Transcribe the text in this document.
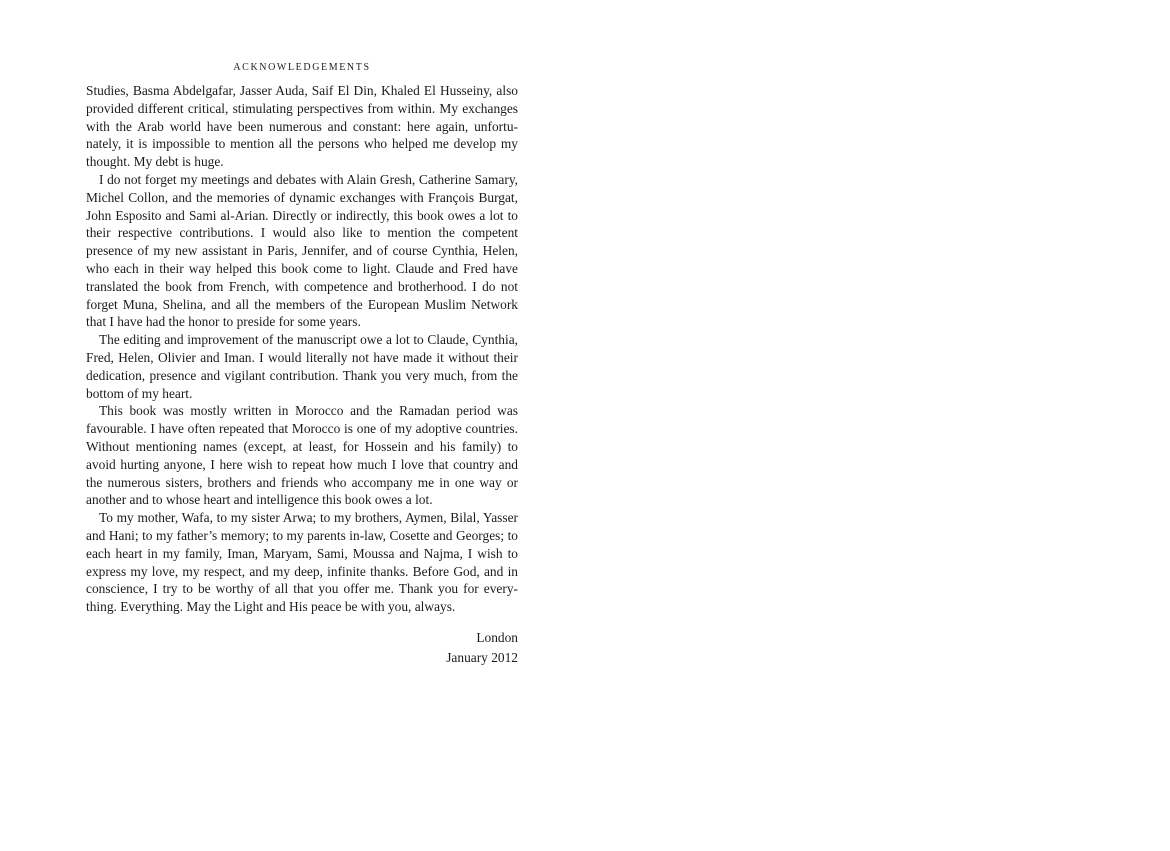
ACKNOWLEDGEMENTS

Studies, Basma Abdelgafar, Jasser Auda, Saif El Din, Khaled El Husseiny, also provided different critical, stimulating perspectives from within. My exchanges with the Arab world have been numerous and constant: here again, unfortunately, it is impossible to mention all the persons who helped me develop my thought. My debt is huge.

I do not forget my meetings and debates with Alain Gresh, Catherine Samary, Michel Collon, and the memories of dynamic exchanges with François Burgat, John Esposito and Sami al-Arian. Directly or indirectly, this book owes a lot to their respective contributions. I would also like to mention the competent presence of my new assistant in Paris, Jennifer, and of course Cynthia, Helen, who each in their way helped this book come to light. Claude and Fred have translated the book from French, with competence and brotherhood. I do not forget Muna, Shelina, and all the members of the European Muslim Network that I have had the honor to preside for some years.

The editing and improvement of the manuscript owe a lot to Claude, Cynthia, Fred, Helen, Olivier and Iman. I would literally not have made it without their dedication, presence and vigilant contribution. Thank you very much, from the bottom of my heart.

This book was mostly written in Morocco and the Ramadan period was favourable. I have often repeated that Morocco is one of my adoptive countries. Without mentioning names (except, at least, for Hossein and his family) to avoid hurting anyone, I here wish to repeat how much I love that country and the numerous sisters, brothers and friends who accompany me in one way or another and to whose heart and intelligence this book owes a lot.

To my mother, Wafa, to my sister Arwa; to my brothers, Aymen, Bilal, Yasser and Hani; to my father’s memory; to my parents in-law, Cosette and Georges; to each heart in my family, Iman, Maryam, Sami, Moussa and Najma, I wish to express my love, my respect, and my deep, infinite thanks. Before God, and in conscience, I try to be worthy of all that you offer me. Thank you for everything. Everything. May the Light and His peace be with you, always.

London
January 2012
